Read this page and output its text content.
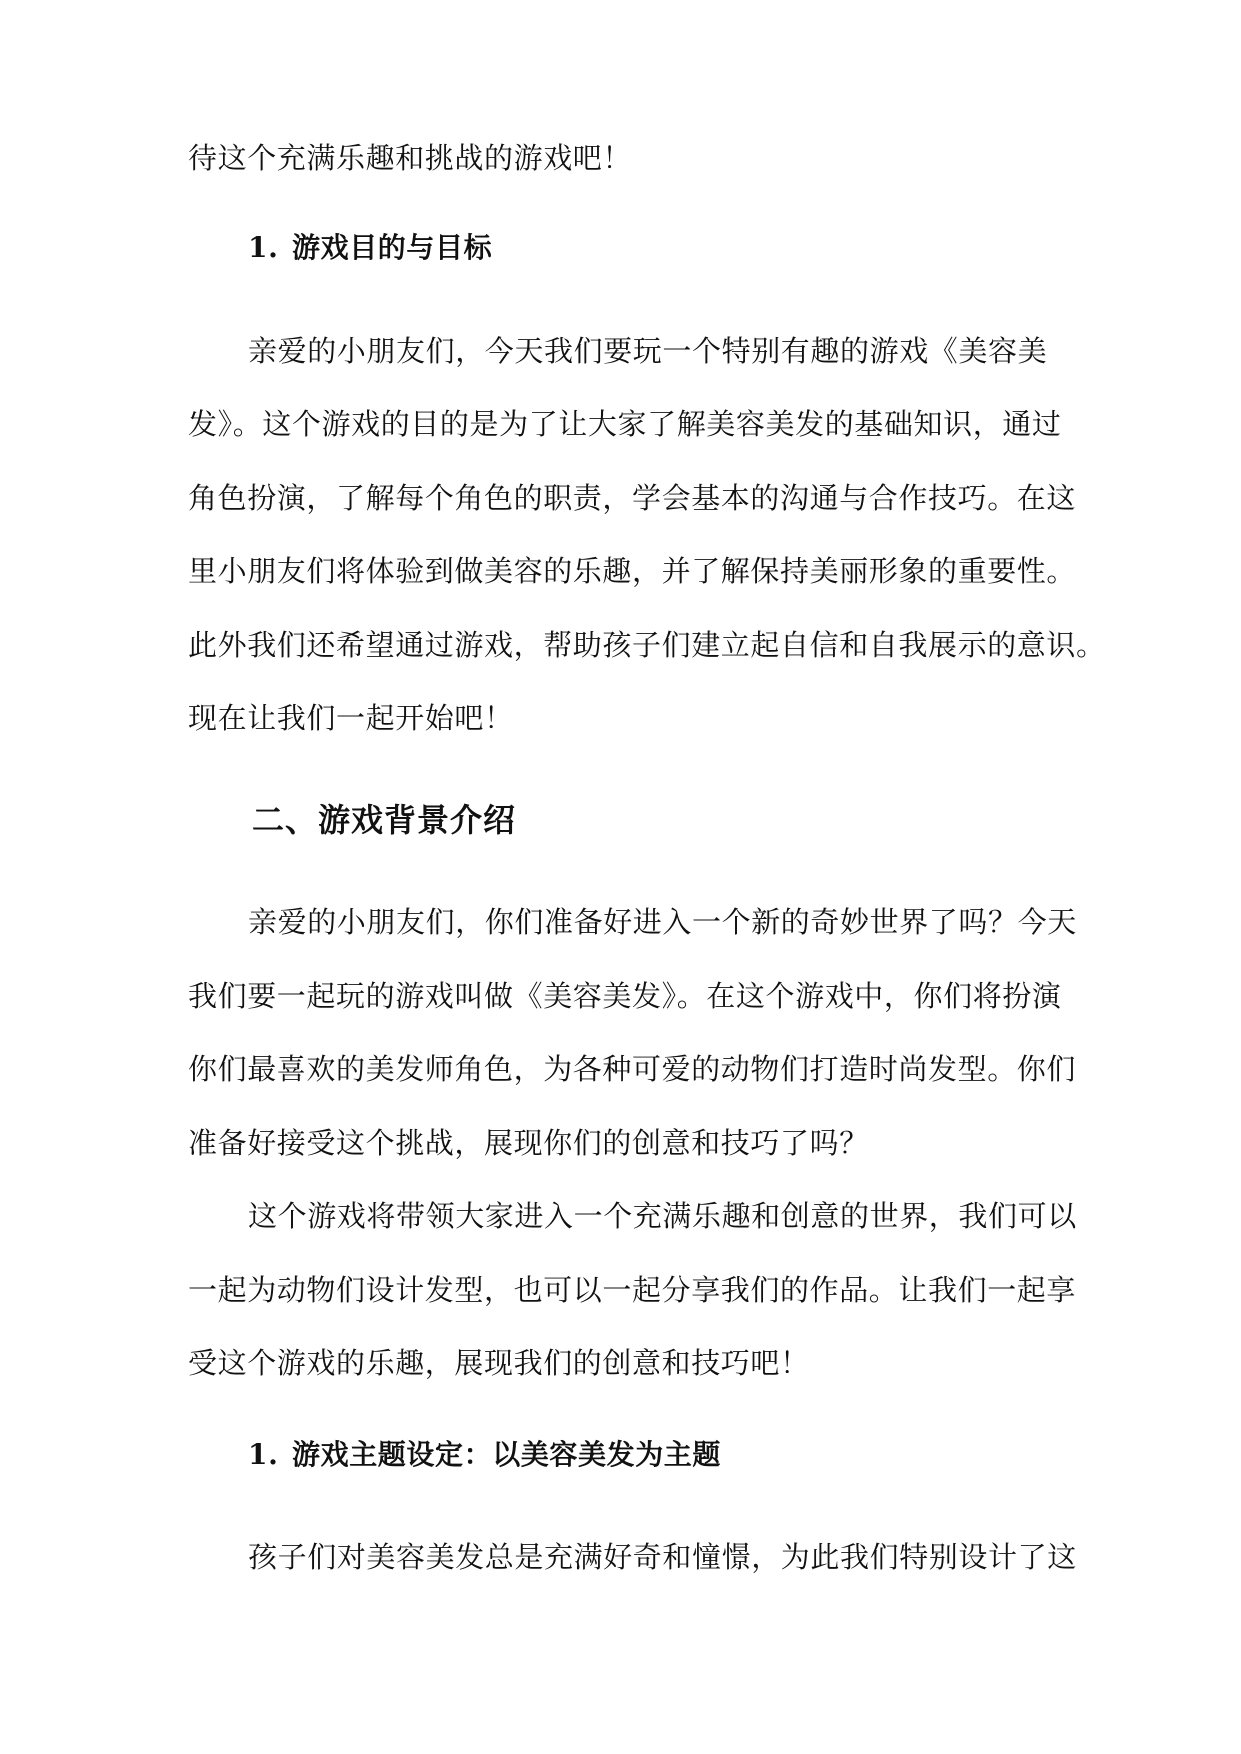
待这个充满乐趣和挑战的游戏吧！
1. 游戏目的与目标
亲爱的小朋友们，今天我们要玩一个特别有趣的游戏《美容美
发》。这个游戏的目的是为了让大家了解美容美发的基础知识，通过
角色扮演，了解每个角色的职责，学会基本的沟通与合作技巧。在这
里小朋友们将体验到做美容的乐趣，并了解保持美丽形象的重要性。
此外我们还希望通过游戏，帮助孩子们建立起自信和自我展示的意识。
现在让我们一起开始吧！
二、游戏背景介绍
亲爱的小朋友们，你们准备好进入一个新的奇妙世界了吗？今天
我们要一起玩的游戏叫做《美容美发》。在这个游戏中，你们将扮演
你们最喜欢的美发师角色，为各种可爱的动物们打造时尚发型。你们
准备好接受这个挑战，展现你们的创意和技巧了吗？
这个游戏将带领大家进入一个充满乐趣和创意的世界，我们可以
一起为动物们设计发型，也可以一起分享我们的作品。让我们一起享
受这个游戏的乐趣，展现我们的创意和技巧吧！
1. 游戏主题设定：以美容美发为主题
孩子们对美容美发总是充满好奇和憧憬，为此我们特别设计了这
